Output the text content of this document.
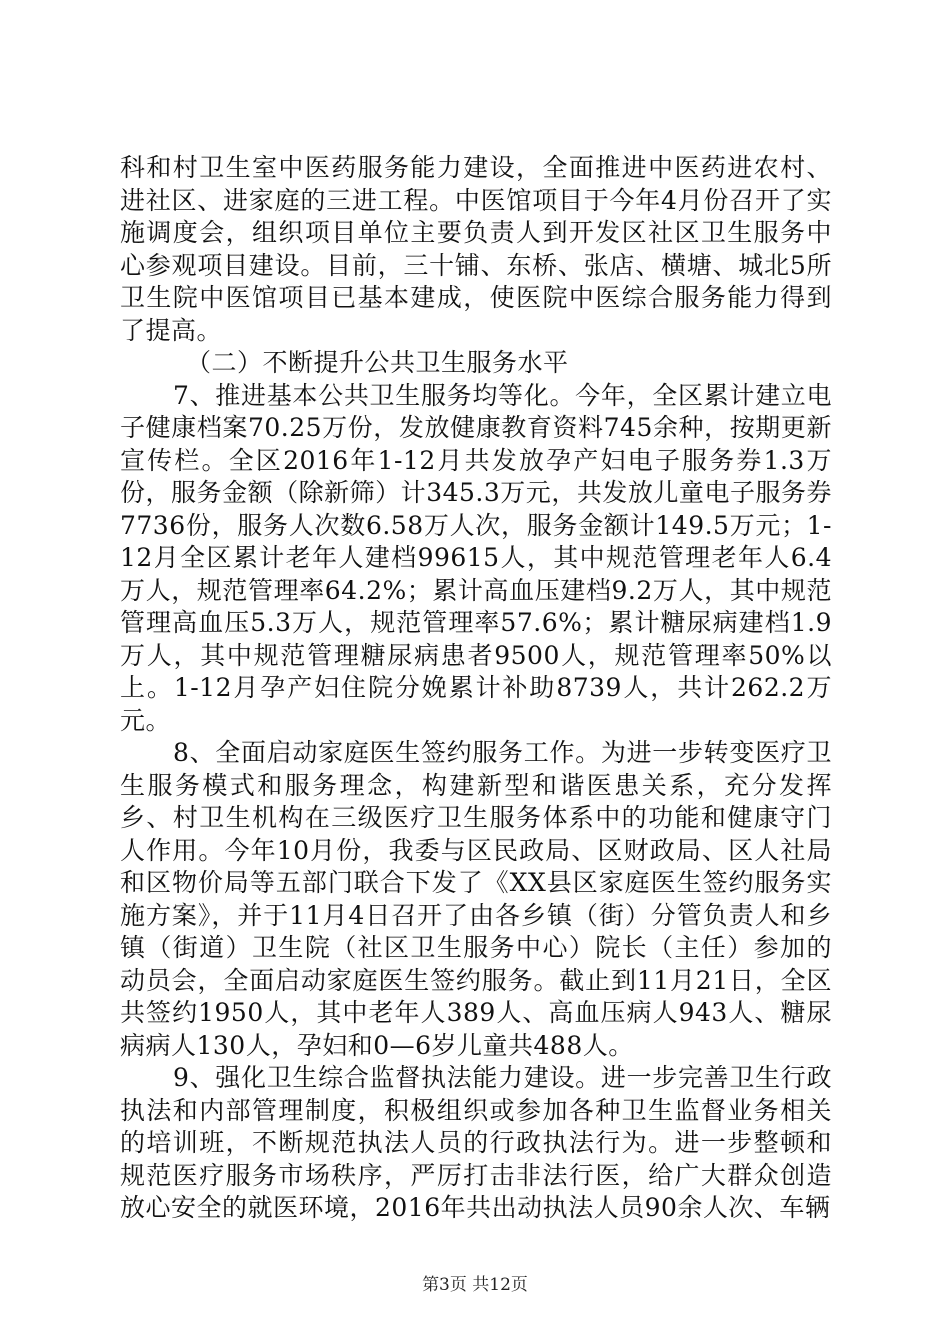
科和村卫生室中医药服务能力建设，全面推进中医药进农村、进社区、进家庭的三进工程。中医馆项目于今年4月份召开了实施调度会，组织项目单位主要负责人到开发区社区卫生服务中心参观项目建设。目前，三十铺、东桥、张店、横塘、城北5所卫生院中医馆项目已基本建成，使医院中医综合服务能力得到了提高。

（二）不断提升公共卫生服务水平

7、推进基本公共卫生服务均等化。今年，全区累计建立电子健康档案70.25万份，发放健康教育资料745余种，按期更新宣传栏。全区2016年1-12月共发放孕产妇电子服务券1.3万份，服务金额（除新筛）计345.3万元，共发放儿童电子服务券7736份，服务人次数6.58万人次，服务金额计149.5万元；1-12月全区累计老年人建档99615人，其中规范管理老年人6.4万人，规范管理率64.2%；累计高血压建档9.2万人，其中规范管理高血压5.3万人，规范管理率57.6%；累计糖尿病建档1.9万人，其中规范管理糖尿病患者9500人，规范管理率50%以上。1-12月孕产妇住院分娩累计补助8739人，共计262.2万元。

8、全面启动家庭医生签约服务工作。为进一步转变医疗卫生服务模式和服务理念，构建新型和谐医患关系，充分发挥乡、村卫生机构在三级医疗卫生服务体系中的功能和健康守门人作用。今年10月份，我委与区民政局、区财政局、区人社局和区物价局等五部门联合下发了《XX县区家庭医生签约服务实施方案》，并于11月4日召开了由各乡镇（街）分管负责人和乡镇（街道）卫生院（社区卫生服务中心）院长（主任）参加的动员会，全面启动家庭医生签约服务。截止到11月21日，全区共签约1950人，其中老年人389人、高血压病人943人、糖尿病病人130人，孕妇和0—6岁儿童共488人。

9、强化卫生综合监督执法能力建设。进一步完善卫生行政执法和内部管理制度，积极组织或参加各种卫生监督业务相关的培训班，不断规范执法人员的行政执法行为。进一步整顿和规范医疗服务市场秩序，严厉打击非法行医，给广大群众创造放心安全的就医环境，2016年共出动执法人员90余人次、车辆

第3页 共12页
